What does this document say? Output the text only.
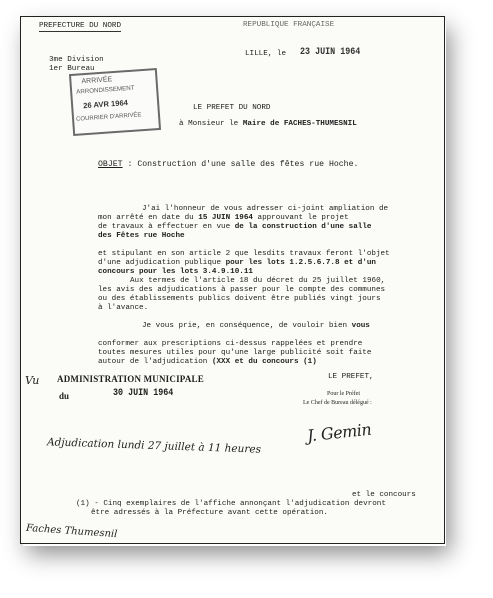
PREFECTURE DU NORD	REPUBLIQUE FRANÇAISE
3me Division
1er Bureau
LILLE, le 23 JUIN 1964
ARRIVÉE
ARRONDISSEMENT
26 AVR 1964
COURRIER D'ARRIVÉE
LE PREFET DU NORD
à Monsieur le Maire de FACHES-THUMESNIL
OBJET : Construction d'une salle des fêtes rue Hoche.
J'ai l'honneur de vous adresser ci-joint ampliation de
mon arrêté en date du 15 JUIN 1964 approuvant le projet
de travaux à effectuer en vue de la construction d'une salle
des Fêtes rue Hoche
et stipulant en son article 2 que lesdits travaux feront l'objet
d'une adjudication publique pour les lots 1.2.5.6.7.8 et d'un
concours pour les lots 3.4.9.10.11
Aux termes de l'article 18 du décret du 25 juillet 1960,
les avis des adjudications à passer pour le compte des communes
ou des établissements publics doivent être publiés vingt jours
à l'avance.
Je vous prie, en conséquence, de vouloir bien vous
conformer aux prescriptions ci-dessus rappelées et prendre
toutes mesures utiles pour qu'une large publicité soit faite
autour de l'adjudication (XXX et du concours (1)
Vu ADMINISTRATION MUNICIPALE
du	30 JUIN 1964
LE PREFET,
Pour le Préfet
Le Chef de Bureau délégué :
J. Gemin
Adjudication lundi 27 juillet à 11 heures
et le concours
(1) - Cinq exemplaires de l'affiche annonçant l'adjudication devront
être adressés à la Préfecture avant cette opération.
Faches Thumesnil
